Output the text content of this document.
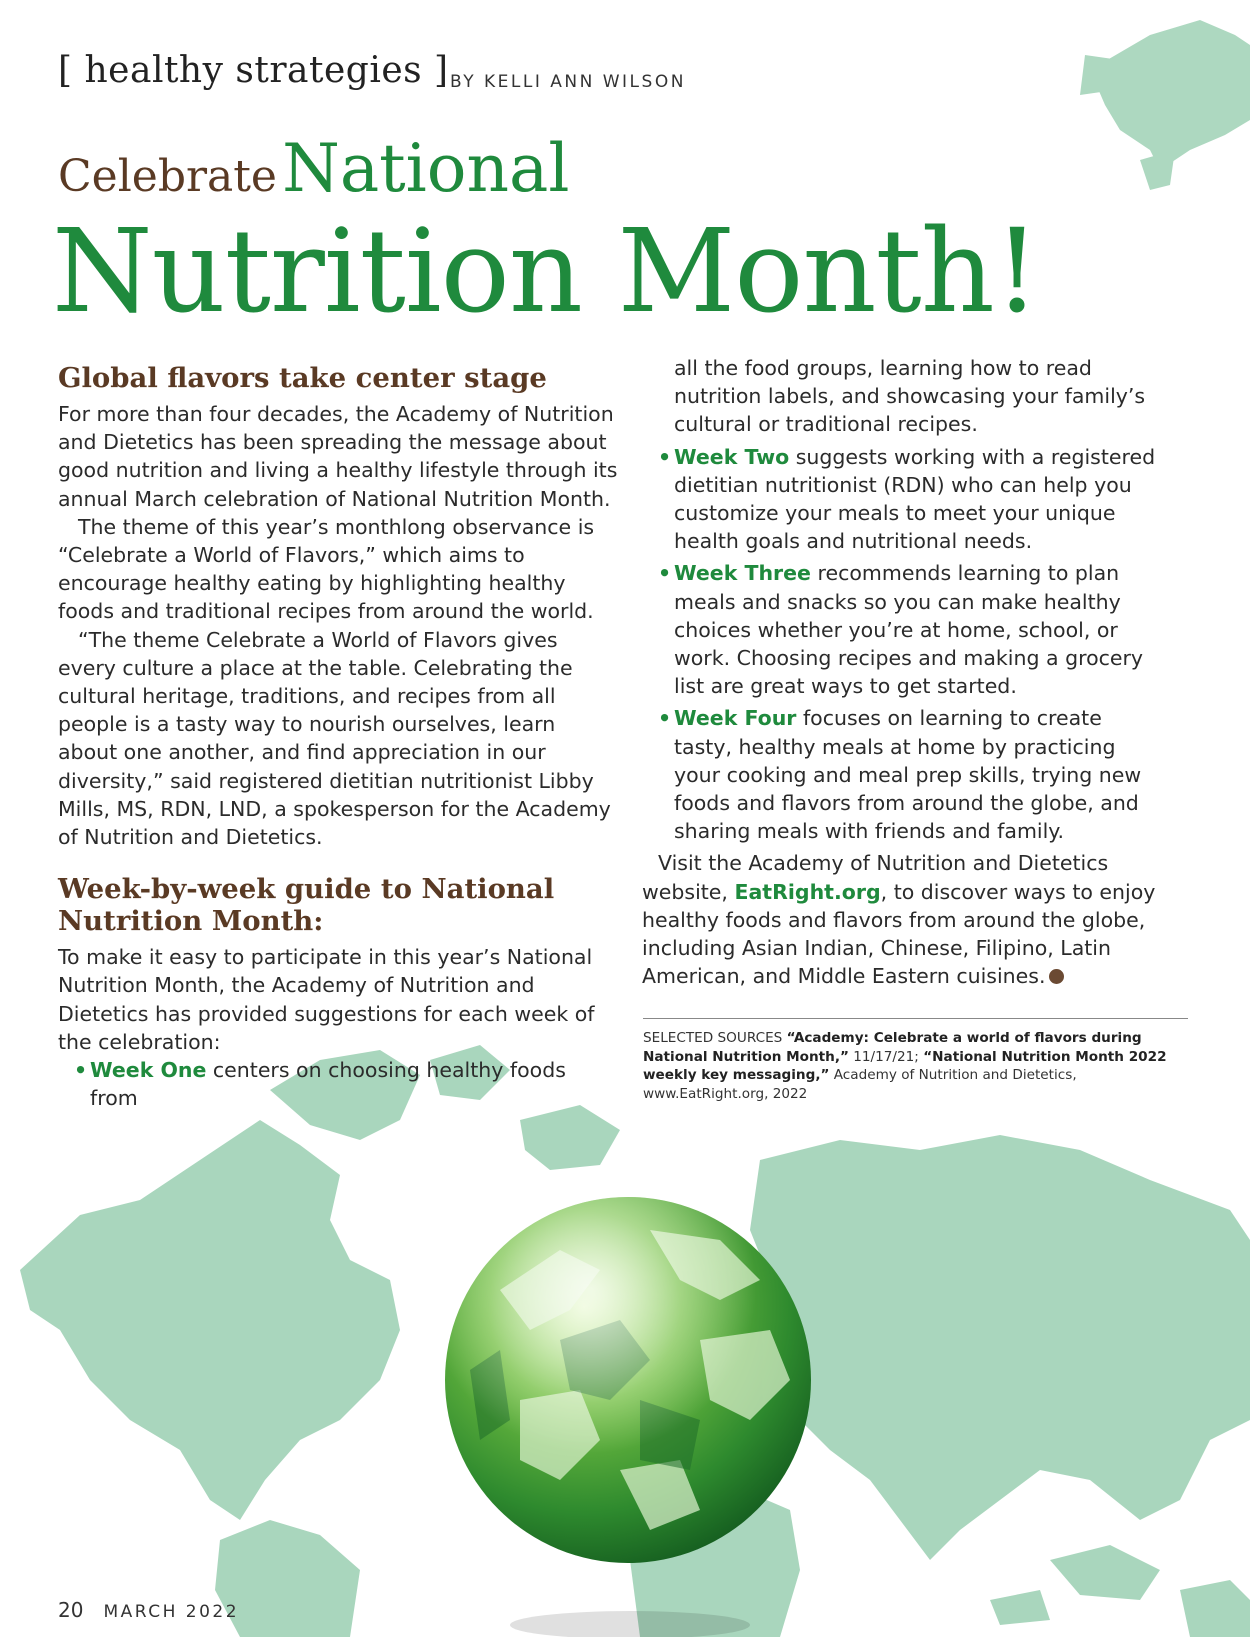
[ healthy strategies ] BY KELLI ANN WILSON
Celebrate National
Nutrition Month!
Global flavors take center stage

For more than four decades, the Academy of Nutrition and Dietetics has been spreading the message about good nutrition and living a healthy lifestyle through its annual March celebration of National Nutrition Month.

The theme of this year’s monthlong observance is “Celebrate a World of Flavors,” which aims to encourage healthy eating by highlighting healthy foods and traditional recipes from around the world.

“The theme Celebrate a World of Flavors gives every culture a place at the table. Celebrating the cultural heritage, traditions, and recipes from all people is a tasty way to nourish ourselves, learn about one another, and find appreciation in our diversity,” said registered dietitian nutritionist Libby Mills, MS, RDN, LND, a spokesperson for the Academy of Nutrition and Dietetics.

Week-by-week guide to National Nutrition Month:

To make it easy to participate in this year’s National Nutrition Month, the Academy of Nutrition and Dietetics has provided suggestions for each week of the celebration:

• Week One centers on choosing healthy foods from

all the food groups, learning how to read nutrition labels, and showcasing your family’s cultural or traditional recipes.

• Week Two suggests working with a registered dietitian nutritionist (RDN) who can help you customize your meals to meet your unique health goals and nutritional needs.

• Week Three recommends learning to plan meals and snacks so you can make healthy choices whether you’re at home, school, or work. Choosing recipes and making a grocery list are great ways to get started.

• Week Four focuses on learning to create tasty, healthy meals at home by practicing your cooking and meal prep skills, trying new foods and flavors from around the globe, and sharing meals with friends and family.

Visit the Academy of Nutrition and Dietetics website, EatRight.org, to discover ways to enjoy healthy foods and flavors from around the globe, including Asian Indian, Chinese, Filipino, Latin American, and Middle Eastern cuisines.

SELECTED SOURCES “Academy: Celebrate a world of flavors during National Nutrition Month,” 11/17/21; “National Nutrition Month 2022 weekly key messaging,” Academy of Nutrition and Dietetics, www.EatRight.org, 2022
20 MARCH 2022
